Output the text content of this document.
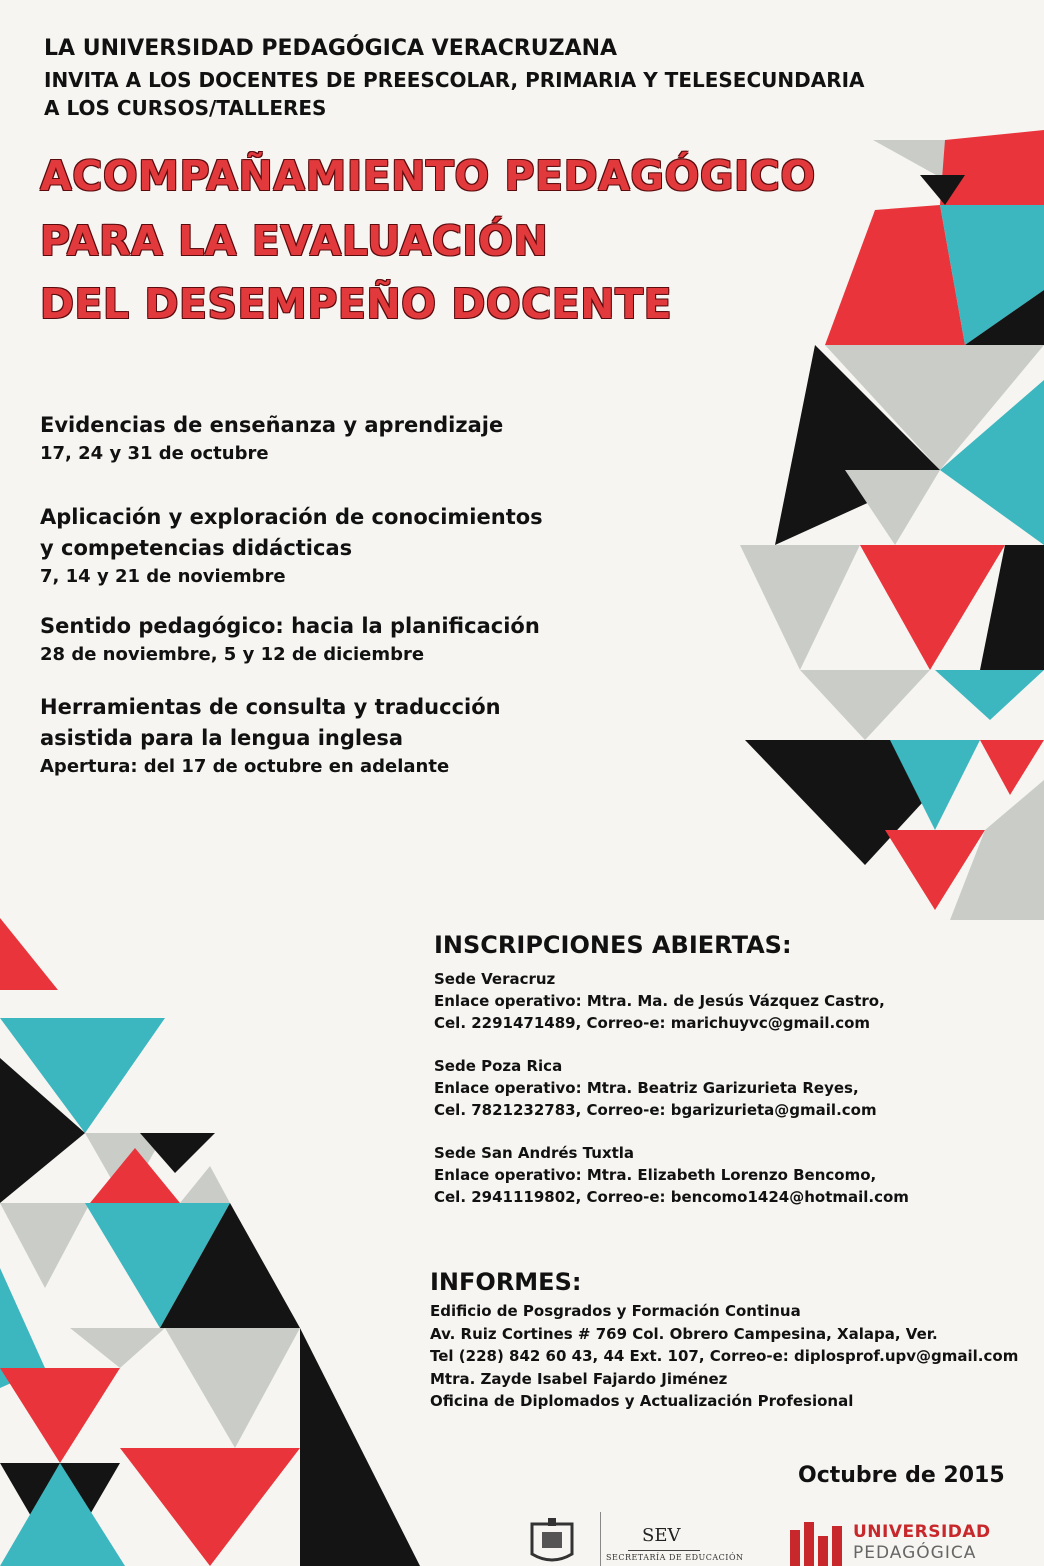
LA UNIVERSIDAD PEDAGÓGICA VERACRUZANA
INVITA A LOS DOCENTES DE PREESCOLAR, PRIMARIA Y TELESECUNDARIA
A LOS CURSOS/TALLERES
ACOMPAÑAMIENTO PEDAGÓGICO
PARA LA EVALUACIÓN
DEL DESEMPEÑO DOCENTE
Evidencias de enseñanza y aprendizaje
17, 24 y 31 de octubre
Aplicación y exploración de conocimientos
y competencias didácticas
7, 14 y 21 de noviembre
Sentido pedagógico: hacia la planificación
28 de noviembre, 5 y 12 de diciembre
Herramientas de consulta y traducción
asistida para la lengua inglesa
Apertura: del 17 de octubre en adelante
INSCRIPCIONES ABIERTAS:
Sede Veracruz
Enlace operativo: Mtra. Ma. de Jesús Vázquez Castro,
Cel. 2291471489, Correo-e: marichuyvc@gmail.com
Sede Poza Rica
Enlace operativo: Mtra. Beatriz Garizurieta Reyes,
Cel. 7821232783, Correo-e: bgarizurieta@gmail.com
Sede San Andrés Tuxtla
Enlace operativo: Mtra. Elizabeth Lorenzo Bencomo,
Cel. 2941119802, Correo-e: bencomo1424@hotmail.com
INFORMES:
Edificio de Posgrados y Formación Continua
Av. Ruiz Cortines # 769 Col. Obrero Campesina, Xalapa, Ver.
Tel (228) 842 60 43, 44 Ext. 107, Correo-e: diplosprof.upv@gmail.com
Mtra. Zayde Isabel Fajardo Jiménez
Oficina de Diplomados y Actualización Profesional
Octubre de 2015
SEV
SECRETARÍA DE EDUCACIÓN
UNIVERSIDAD
PEDAGÓGICA
